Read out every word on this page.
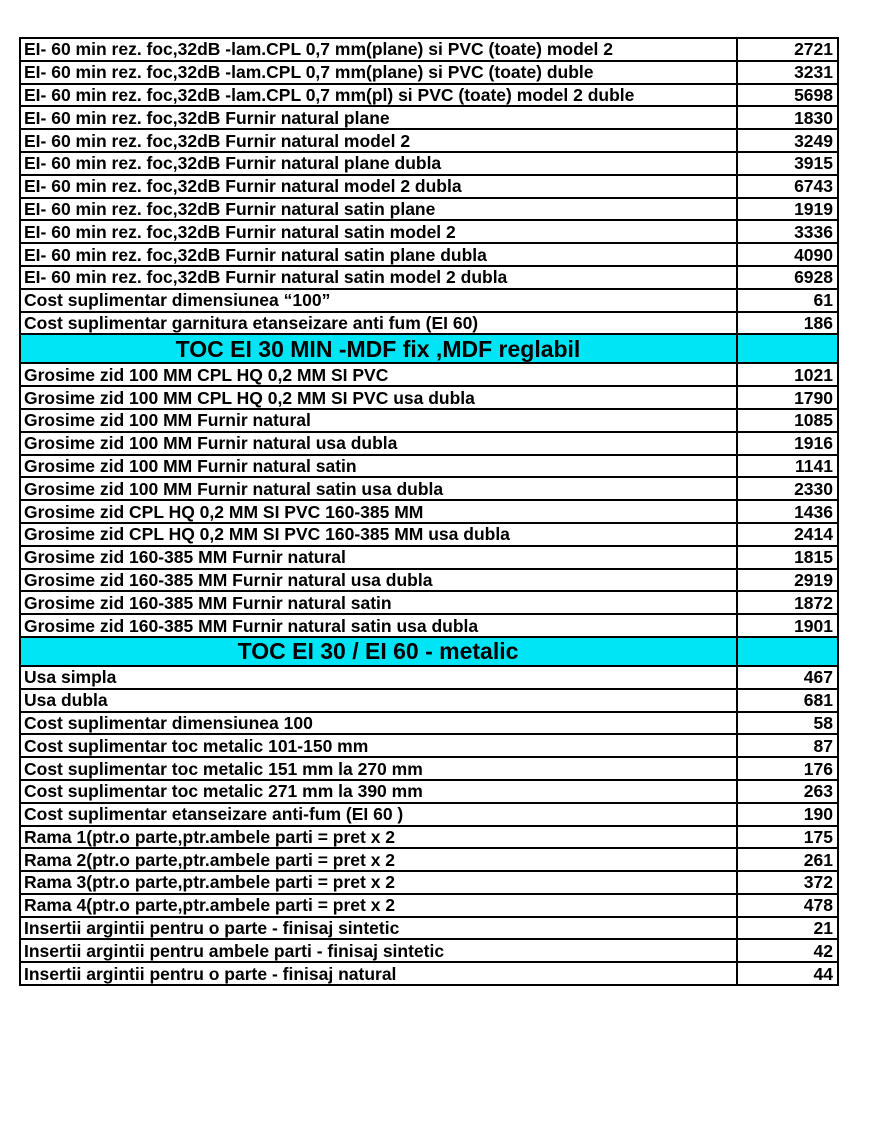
EI- 60 min rez. foc,32dB -lam.CPL 0,7 mm(plane) si PVC (toate) model 2	2721
EI- 60 min rez. foc,32dB -lam.CPL 0,7 mm(plane) si PVC (toate) duble	3231
EI- 60 min rez. foc,32dB -lam.CPL 0,7 mm(pl) si PVC (toate) model 2 duble	5698
EI- 60 min rez. foc,32dB Furnir natural plane	1830
EI- 60 min rez. foc,32dB Furnir natural model 2	3249
EI- 60 min rez. foc,32dB Furnir natural plane dubla	3915
EI- 60 min rez. foc,32dB Furnir natural model 2 dubla	6743
EI- 60 min rez. foc,32dB Furnir natural satin plane	1919
EI- 60 min rez. foc,32dB Furnir natural satin model 2	3336
EI- 60 min rez. foc,32dB Furnir natural satin plane dubla	4090
EI- 60 min rez. foc,32dB Furnir natural satin model 2 dubla	6928
Cost suplimentar dimensiunea “100”	61
Cost suplimentar garnitura etanseizare anti fum (EI 60)	186
TOC EI 30 MIN -MDF fix ,MDF reglabil	
Grosime zid 100 MM CPL HQ 0,2 MM SI PVC	1021
Grosime zid 100 MM CPL HQ 0,2 MM SI PVC usa dubla	1790
Grosime zid 100 MM Furnir natural	1085
Grosime zid 100 MM Furnir natural usa dubla	1916
Grosime zid 100 MM Furnir natural satin	1141
Grosime zid 100 MM Furnir natural satin usa dubla	2330
Grosime zid CPL HQ 0,2 MM SI PVC 160-385 MM	1436
Grosime zid CPL HQ 0,2 MM SI PVC 160-385 MM usa dubla	2414
Grosime zid 160-385 MM Furnir natural	1815
Grosime zid 160-385 MM Furnir natural usa dubla	2919
Grosime zid 160-385 MM Furnir natural satin	1872
Grosime zid 160-385 MM Furnir natural satin usa dubla	1901
TOC EI 30 / EI 60 - metalic	
Usa simpla	467
Usa dubla	681
Cost suplimentar dimensiunea 100	58
Cost suplimentar toc metalic 101-150 mm	87
Cost suplimentar toc metalic 151 mm la 270 mm	176
Cost suplimentar toc metalic 271 mm la 390 mm	263
Cost suplimentar etanseizare anti-fum (EI 60 )	190
Rama 1(ptr.o parte,ptr.ambele parti = pret x 2	175
Rama 2(ptr.o parte,ptr.ambele parti = pret x 2	261
Rama 3(ptr.o parte,ptr.ambele parti = pret x 2	372
Rama 4(ptr.o parte,ptr.ambele parti = pret x 2	478
Insertii argintii pentru o parte - finisaj sintetic	21
Insertii argintii pentru ambele parti - finisaj sintetic	42
Insertii argintii pentru o parte - finisaj natural	44
